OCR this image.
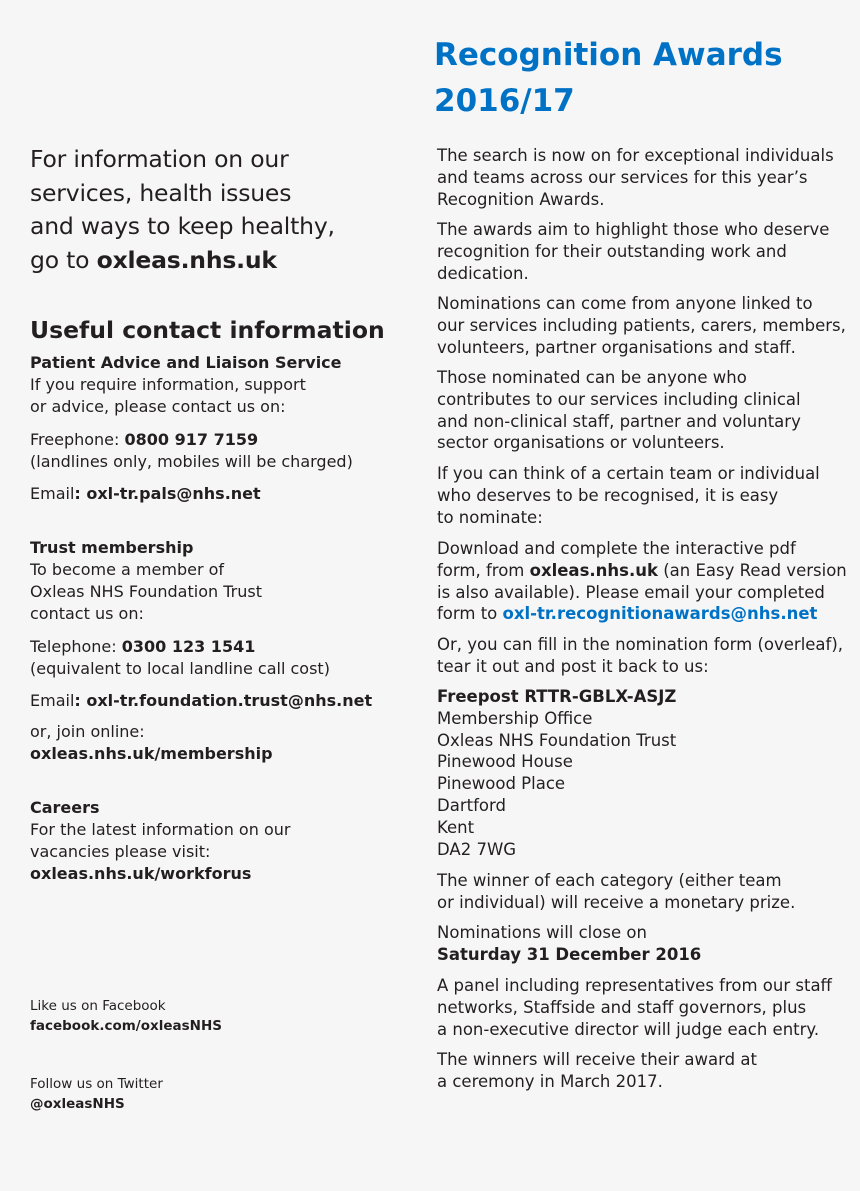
For information on our

services, health issues

and ways to keep healthy,

go to oxleas.nhs.uk

Useful contact information

Patient Advice and Liaison Service

If you require information, support

or advice, please contact us on:

Freephone: 0800 917 7159

(landlines only, mobiles will be charged)

Email: oxl-tr.pals@nhs.net

Trust membership

To become a member of

Oxleas NHS Foundation Trust

contact us on:

Telephone: 0300 123 1541

(equivalent to local landline call cost)

Email: oxl-tr.foundation.trust@nhs.net

or, join online:

oxleas.nhs.uk/membership

Careers

For the latest information on our

vacancies please visit:

oxleas.nhs.uk/workforus

Like us on Facebook

facebook.com/oxleasNHS

Follow us on Twitter

@oxleasNHS

Recognition Awards

2016/17

The search is now on for exceptional individuals

and teams across our services for this year’s

Recognition Awards.

The awards aim to highlight those who deserve

recognition for their outstanding work and

dedication.

Nominations can come from anyone linked to

our services including patients, carers, members,

volunteers, partner organisations and staff.

Those nominated can be anyone who

contributes to our services including clinical

and non-clinical staff, partner and voluntary

sector organisations or volunteers.

If you can think of a certain team or individual

who deserves to be recognised, it is easy

to nominate:

Download and complete the interactive pdf

form, from oxleas.nhs.uk (an Easy Read version

is also available). Please email your completed

form to oxl-tr.recognitionawards@nhs.net

Or, you can fill in the nomination form (overleaf),

tear it out and post it back to us:

Freepost RTTR-GBLX-ASJZ

Membership Office

Oxleas NHS Foundation Trust

Pinewood House

Pinewood Place

Dartford

Kent

DA2 7WG

The winner of each category (either team

or individual) will receive a monetary prize.

Nominations will close on

Saturday 31 December 2016

A panel including representatives from our staff

networks, Staffside and staff governors, plus

a non-executive director will judge each entry.

The winners will receive their award at

a ceremony in March 2017.
